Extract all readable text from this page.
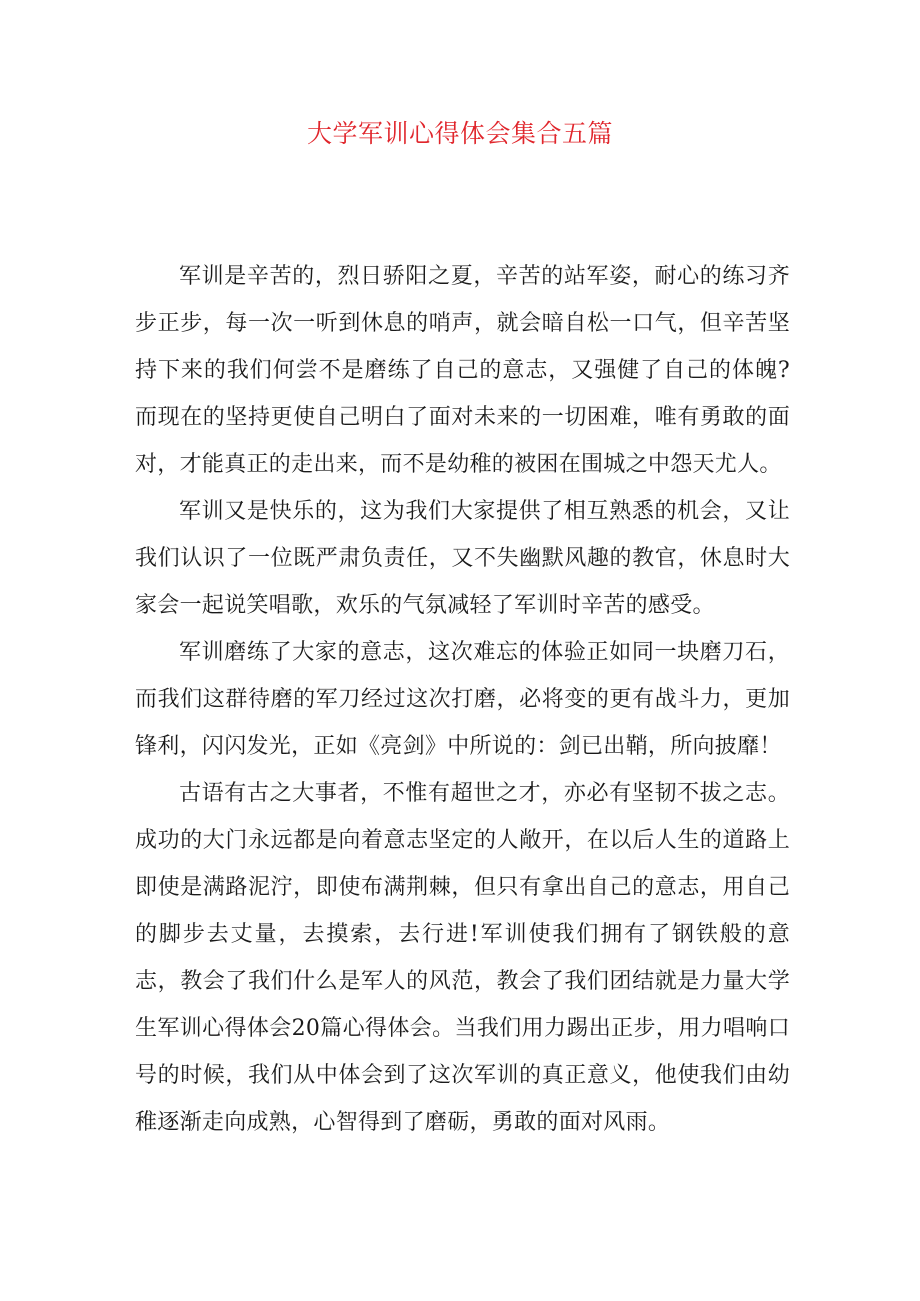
大学军训心得体会集合五篇

军训是辛苦的，烈日骄阳之夏，辛苦的站军姿，耐心的练习齐步正步，每一次一听到休息的哨声，就会暗自松一口气，但辛苦坚持下来的我们何尝不是磨练了自己的意志，又强健了自己的体魄?而现在的坚持更使自己明白了面对未来的一切困难，唯有勇敢的面对，才能真正的走出来，而不是幼稚的被困在围城之中怨天尤人。

军训又是快乐的，这为我们大家提供了相互熟悉的机会，又让我们认识了一位既严肃负责任，又不失幽默风趣的教官，休息时大家会一起说笑唱歌，欢乐的气氛减轻了军训时辛苦的感受。

军训磨练了大家的意志，这次难忘的体验正如同一块磨刀石，而我们这群待磨的军刀经过这次打磨，必将变的更有战斗力，更加锋利，闪闪发光，正如《亮剑》中所说的：剑已出鞘，所向披靡！

古语有古之大事者，不惟有超世之才，亦必有坚韧不拔之志。成功的大门永远都是向着意志坚定的人敞开，在以后人生的道路上即使是满路泥泞，即使布满荆棘，但只有拿出自己的意志，用自己的脚步去丈量，去摸索，去行进!军训使我们拥有了钢铁般的意志，教会了我们什么是军人的风范，教会了我们团结就是力量大学生军训心得体会20篇心得体会。当我们用力踢出正步，用力唱响口号的时候，我们从中体会到了这次军训的真正意义，他使我们由幼稚逐渐走向成熟，心智得到了磨砺，勇敢的面对风雨。
